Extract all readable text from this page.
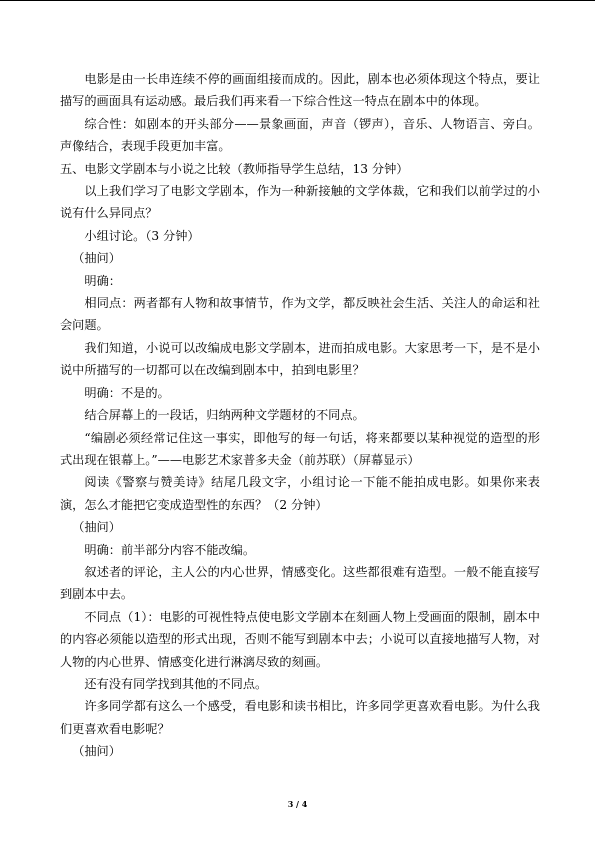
电影是由一长串连续不停的画面组接而成的。因此，剧本也必须体现这个特点，要让描写的画面具有运动感。最后我们再来看一下综合性这一特点在剧本中的体现。

综合性：如剧本的开头部分——景象画面，声音（锣声），音乐、人物语言、旁白。声像结合，表现手段更加丰富。

五、电影文学剧本与小说之比较（教师指导学生总结，13 分钟）

以上我们学习了电影文学剧本，作为一种新接触的文学体裁，它和我们以前学过的小说有什么异同点？

小组讨论。（3 分钟）

（抽问）

明确：

相同点：两者都有人物和故事情节，作为文学，都反映社会生活、关注人的命运和社会问题。

我们知道，小说可以改编成电影文学剧本，进而拍成电影。大家思考一下，是不是小说中所描写的一切都可以在改编到剧本中，拍到电影里？

明确：不是的。

结合屏幕上的一段话，归纳两种文学题材的不同点。

“编剧必须经常记住这一事实，即他写的每一句话，将来都要以某种视觉的造型的形式出现在银幕上。”——电影艺术家普多夫金（前苏联）（屏幕显示）

阅读《警察与赞美诗》结尾几段文字，小组讨论一下能不能拍成电影。如果你来表演，怎么才能把它变成造型性的东西？（2 分钟）

（抽问）

明确：前半部分内容不能改编。

叙述者的评论，主人公的内心世界，情感变化。这些都很难有造型。一般不能直接写到剧本中去。

不同点（1）：电影的可视性特点使电影文学剧本在刻画人物上受画面的限制，剧本中的内容必须能以造型的形式出现，否则不能写到剧本中去；小说可以直接地描写人物，对人物的内心世界、情感变化进行淋漓尽致的刻画。

还有没有同学找到其他的不同点。

许多同学都有这么一个感受，看电影和读书相比，许多同学更喜欢看电影。为什么我们更喜欢看电影呢？

（抽问）

3 / 4
